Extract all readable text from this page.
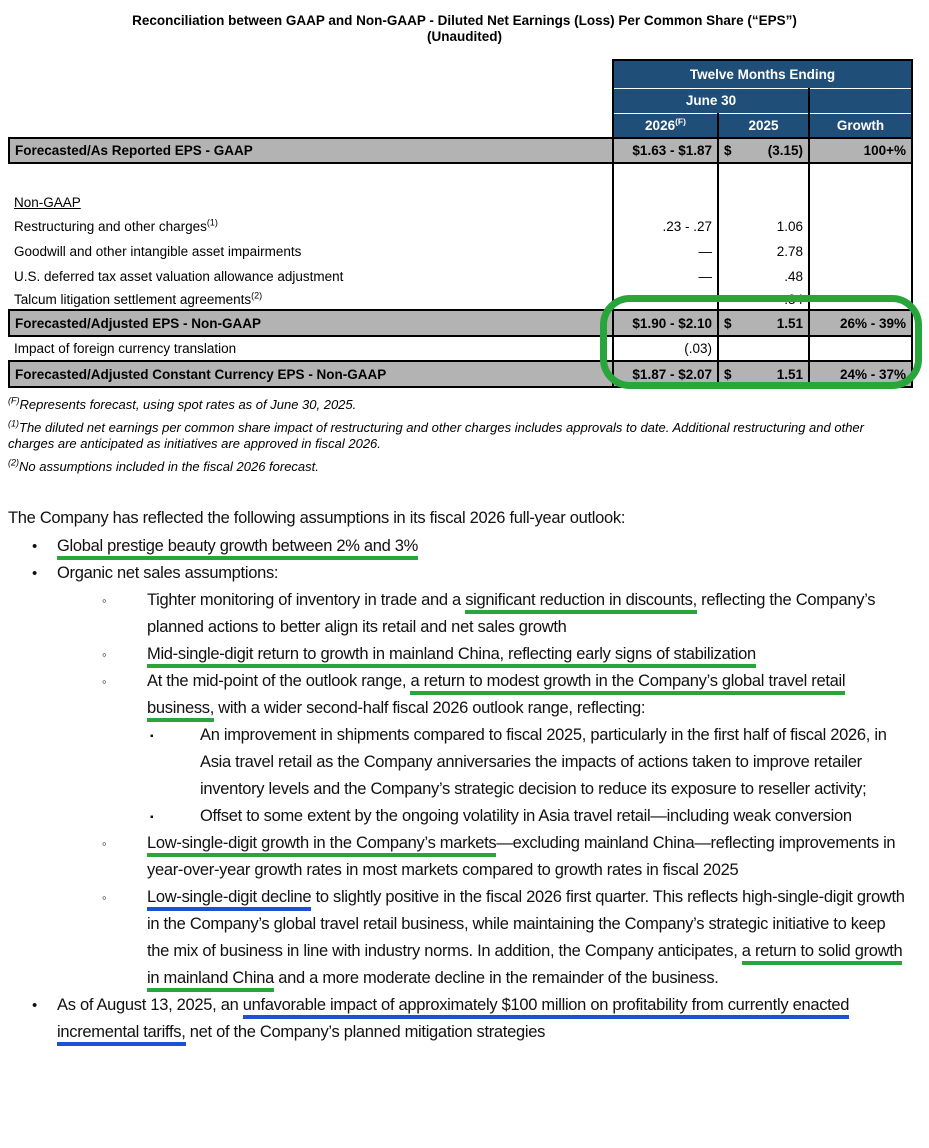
Reconciliation between GAAP and Non-GAAP - Diluted Net Earnings (Loss) Per Common Share (“EPS”)
(Unaudited)
	Twelve Months Ending		
	June 30		
	2026$^{(F)}$	2025	Growth
Forecasted/As Reported EPS - GAAP	$1.63 - $1.87	$ (3.15)	100+%

Non-GAAP			
Restructuring and other charges$^{(1)}$	.23 - .27	1.06	
Goodwill and other intangible asset impairments	—	2.78	
U.S. deferred tax asset valuation allowance adjustment	—	.48	
Talcum litigation settlement agreements$^{(2)}$	—	.34	
Forecasted/Adjusted EPS - Non-GAAP	$1.90 - $2.10	$ 1.51	26% - 39%
Impact of foreign currency translation	(.03)		
Forecasted/Adjusted Constant Currency EPS - Non-GAAP	$1.87 - $2.07	$ 1.51	24% - 37%
$^{(F)}$Represents forecast, using spot rates as of June 30, 2025.
$^{(1)}$The diluted net earnings per common share impact of restructuring and other charges includes approvals to date. Additional restructuring and other charges are anticipated as initiatives are approved in fiscal 2026.
$^{(2)}$No assumptions included in the fiscal 2026 forecast.

The Company has reflected the following assumptions in its fiscal 2026 full-year outlook:

• Global prestige beauty growth between 2% and 3%
• Organic net sales assumptions:
◦ Tighter monitoring of inventory in trade and a significant reduction in discounts, reflecting the Company’s planned actions to better align its retail and net sales growth
◦ Mid-single-digit return to growth in mainland China, reflecting early signs of stabilization
◦ At the mid-point of the outlook range, a return to modest growth in the Company’s global travel retail business, with a wider second-half fiscal 2026 outlook range, reflecting:
▪	An improvement in shipments compared to fiscal 2025, particularly in the first half of fiscal 2026, in Asia travel retail as the Company anniversaries the impacts of actions taken to improve retailer inventory levels and the Company’s strategic decision to reduce its exposure to reseller activity;
▪	Offset to some extent by the ongoing volatility in Asia travel retail—including weak conversion
◦ Low-single-digit growth in the Company’s markets—excluding mainland China—reflecting improvements in year-over-year growth rates in most markets compared to growth rates in fiscal 2025
◦ Low-single-digit decline to slightly positive in the fiscal 2026 first quarter. This reflects high-single-digit growth in the Company’s global travel retail business, while maintaining the Company’s strategic initiative to keep the mix of business in line with industry norms. In addition, the Company anticipates, a return to solid growth in mainland China and a more moderate decline in the remainder of the business.
• As of August 13, 2025, an unfavorable impact of approximately $100 million on profitability from currently enacted incremental tariffs, net of the Company’s planned mitigation strategies
